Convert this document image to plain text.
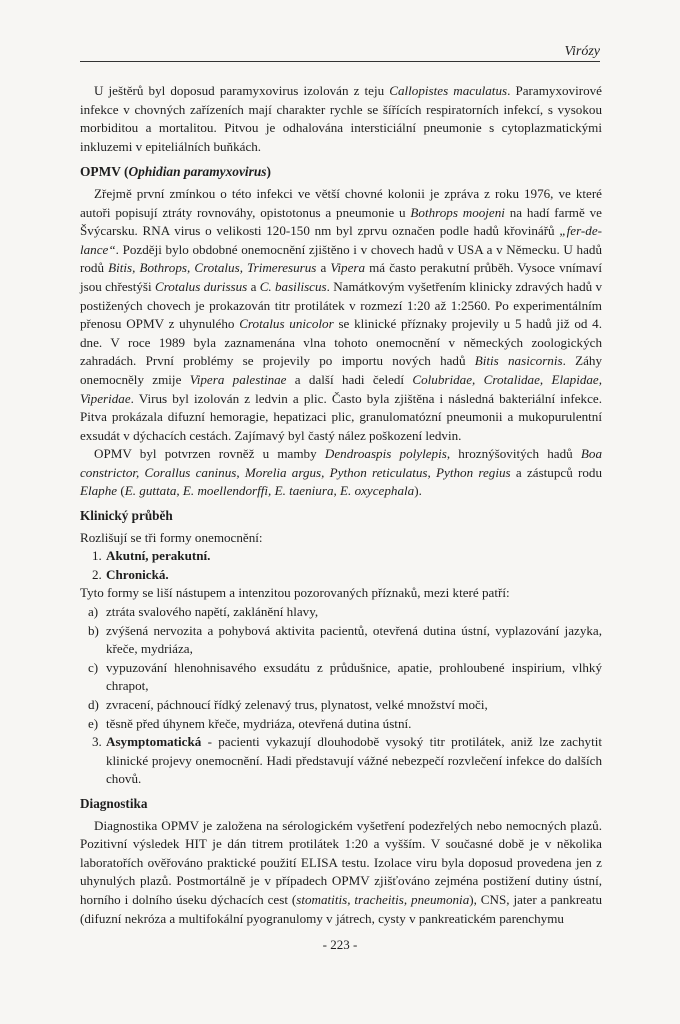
Virózy

U ještěrů byl doposud paramyxovirus izolován z teju Callopistes maculatus. Paramyxovirové infekce v chovných zařízeních mají charakter rychle se šířících respiratorních infekcí, s vysokou morbiditou a mortalitou. Pitvou je odhalována intersticiální pneumonie s cytoplazmatickými inkluzemi v epiteliálních buňkách.

OPMV (Ophidian paramyxovirus)

Zřejmě první zmínkou o této infekci ve větší chovné kolonii je zpráva z roku 1976, ve které autoři popisují ztráty rovnováhy, opistotonus a pneumonie u Bothrops moojeni na hadí farmě ve Švýcarsku. RNA virus o velikosti 120-150 nm byl zprvu označen podle hadů křovinářů „fer-de-lance“. Později bylo obdobné onemocnění zjištěno i v chovech hadů v USA a v Německu. U hadů rodů Bitis, Bothrops, Crotalus, Trimeresurus a Vipera má často perakutní průběh. Vysoce vnímaví jsou chřestýši Crotalus durissus a C. basiliscus. Namátkovým vyšetřením klinicky zdravých hadů v postižených chovech je prokazován titr protilátek v rozmezí 1:20 až 1:2560. Po experimentálním přenosu OPMV z uhynulého Crotalus unicolor se klinické příznaky projevily u 5 hadů již od 4. dne. V roce 1989 byla zaznamenána vlna tohoto onemocnění v německých zoologických zahradách. První problémy se projevily po importu nových hadů Bitis nasicornis. Záhy onemocněly zmije Vipera palestinae a další hadi čeledí Colubridae, Crotalidae, Elapidae, Viperidae. Virus byl izolován z ledvin a plic. Často byla zjištěna i následná bakteriální infekce. Pitva prokázala difuzní hemoragie, hepatizaci plic, granulomatózní pneumonii a mukopurulentní exsudát v dýchacích cestách. Zajímavý byl častý nález poškození ledvin.

OPMV byl potvrzen rovněž u mamby Dendroaspis polylepis, hroznýšovitých hadů Boa constrictor, Corallus caninus, Morelia argus, Python reticulatus, Python regius a zástupců rodu Elaphe (E. guttata, E. moellendorffi, E. taeniura, E. oxycephala).

Klinický průběh

Rozlišují se tři formy onemocnění:

1. Akutní, perakutní.
2. Chronická.

Tyto formy se liší nástupem a intenzitou pozorovaných příznaků, mezi které patří:

a) ztráta svalového napětí, zaklánění hlavy,
b) zvýšená nervozita a pohybová aktivita pacientů, otevřená dutina ústní, vyplazování jazyka, křeče, mydriáza,
c) vypuzování hlenohnisavého exsudátu z průdušnice, apatie, prohloubené inspirium, vlhký chrapot,
d) zvracení, páchnoucí řídký zelenavý trus, plynatost, velké množství moči,
e) těsně před úhynem křeče, mydriáza, otevřená dutina ústní.
3. Asymptomatická - pacienti vykazují dlouhodobě vysoký titr protilátek, aniž lze zachytit klinické projevy onemocnění. Hadi představují vážné nebezpečí rozvlečení infekce do dalších chovů.
Diagnostika

Diagnostika OPMV je založena na sérologickém vyšetření podezřelých nebo nemocných plazů. Pozitivní výsledek HIT je dán titrem protilátek 1:20 a vyšším. V současné době je v několika laboratořích ověřováno praktické použití ELISA testu. Izolace viru byla doposud provedena jen z uhynulých plazů. Postmortálně je v případech OPMV zjišťováno zejména postižení dutiny ústní, horního i dolního úseku dýchacích cest (stomatitis, tracheitis, pneumonia), CNS, jater a pankreatu (difuzní nekróza a multifokální pyogranulomy v játrech, cysty v pankreatickém parenchymu

- 223 -
